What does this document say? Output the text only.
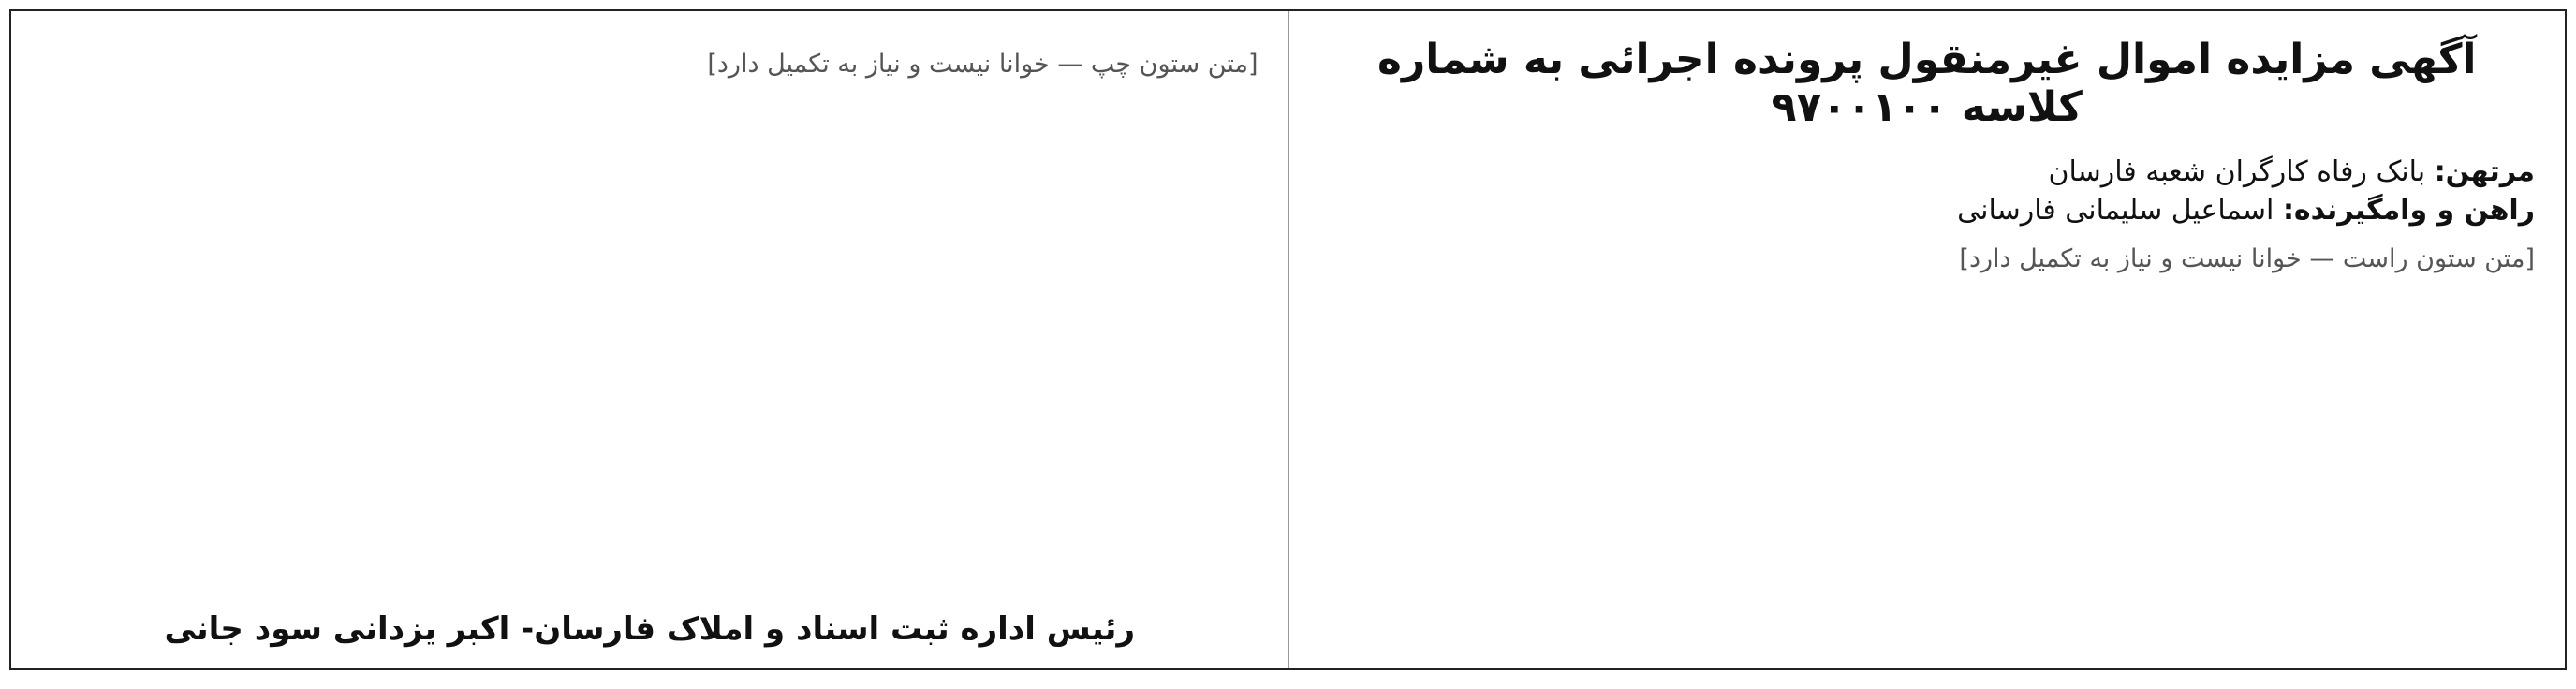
آگهی مزایده اموال غیرمنقول پرونده اجرائی به شماره کلاسه ۹۷۰۰۱۰۰
مرتهن: بانک رفاه کارگران شعبه فارسان
راهن و وامگیرنده: اسماعیل سلیمانی فارسانی
[متن ستون راست — خوانا نیست و نیاز به تکمیل دارد]
[متن ستون چپ — خوانا نیست و نیاز به تکمیل دارد]
رئیس اداره ثبت اسناد و املاک فارسان- اکبر یزدانی سود جانی
